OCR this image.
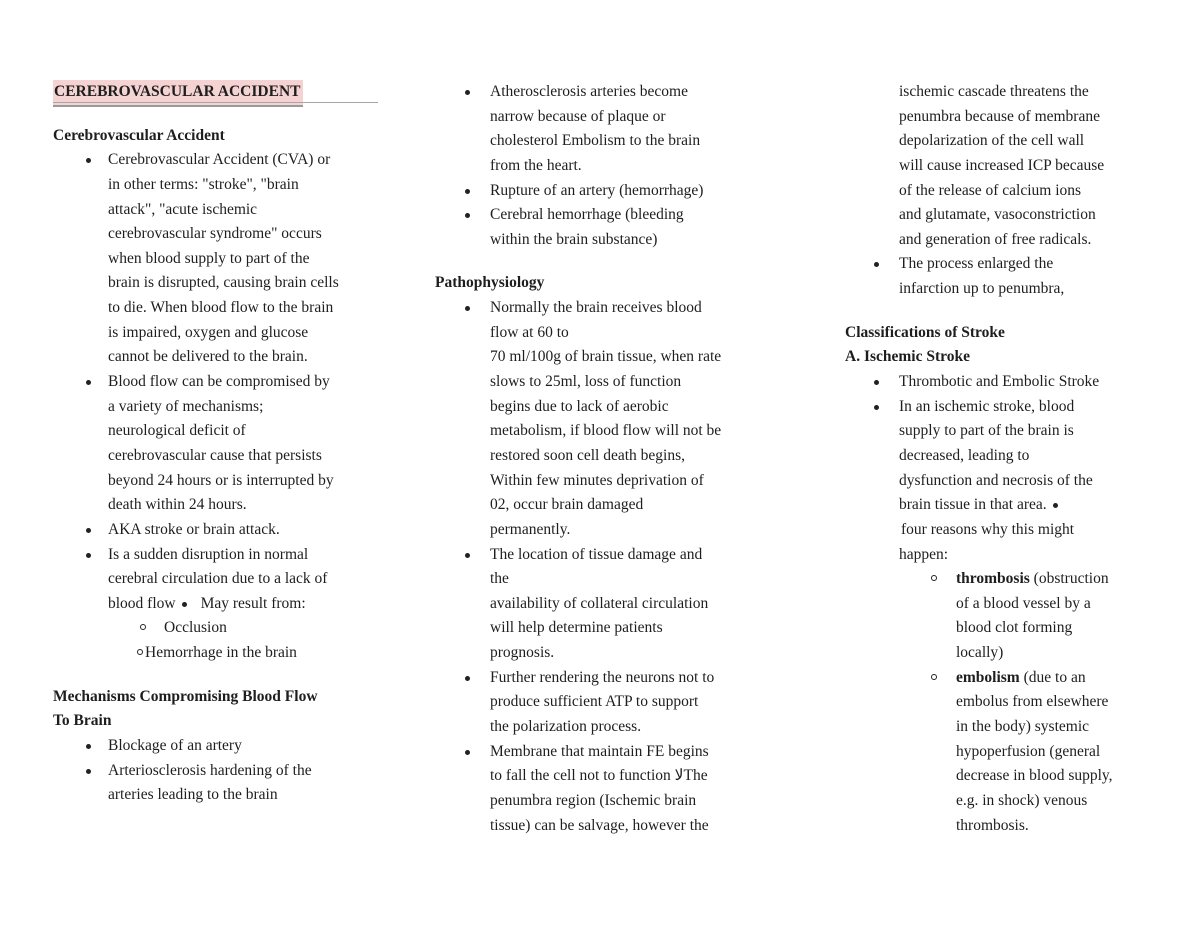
CEREBROVASCULAR ACCIDENT
Cerebrovascular Accident
Cerebrovascular Accident (CVA) or
in other terms: "stroke", "brain
attack", "acute ischemic
cerebrovascular syndrome" occurs
when blood supply to part of the
brain is disrupted, causing brain cells
to die. When blood flow to the brain
is impaired, oxygen and glucose
cannot be delivered to the brain.
Blood flow can be compromised by
a variety of mechanisms;
neurological deficit of
cerebrovascular cause that persists
beyond 24 hours or is interrupted by
death within 24 hours.
AKA stroke or brain attack.
Is a sudden disruption in normal
cerebral circulation due to a lack of
blood flow May result from:
Occlusion
Hemorrhage in the brain
Mechanisms Compromising Blood Flow
To Brain
Blockage of an artery
Arteriosclerosis hardening of the
arteries leading to the brain
Atherosclerosis arteries become
narrow because of plaque or
cholesterol Embolism to the brain
from the heart.
Rupture of an artery (hemorrhage)
Cerebral hemorrhage (bleeding
within the brain substance)
Pathophysiology
Normally the brain receives blood
flow at 60 to
70 ml/100g of brain tissue, when rate
slows to 25ml, loss of function
begins due to lack of aerobic
metabolism, if blood flow will not be
restored soon cell death begins,
Within few minutes deprivation of
02, occur brain damaged
permanently.
The location of tissue damage and
the
availability of collateral circulation
will help determine patients
prognosis.
Further rendering the neurons not to
produce sufficient ATP to support
the polarization process.
Membrane that maintain FE begins
to fall the cell not to function لاThe
penumbra region (Ischemic brain
tissue) can be salvage, however the
ischemic cascade threatens the
penumbra because of membrane
depolarization of the cell wall
will cause increased ICP because
of the release of calcium ions
and glutamate, vasoconstriction
and generation of free radicals.
The process enlarged the
infarction up to penumbra,
Classifications of Stroke
A. Ischemic Stroke
Thrombotic and Embolic Stroke
In an ischemic stroke, blood
supply to part of the brain is
decreased, leading to
dysfunction and necrosis of the
brain tissue in that area.
four reasons why this might
happen:
thrombosis (obstruction
of a blood vessel by a
blood clot forming
locally)
embolism (due to an
embolus from elsewhere
in the body) systemic
hypoperfusion (general
decrease in blood supply,
e.g. in shock) venous
thrombosis.
